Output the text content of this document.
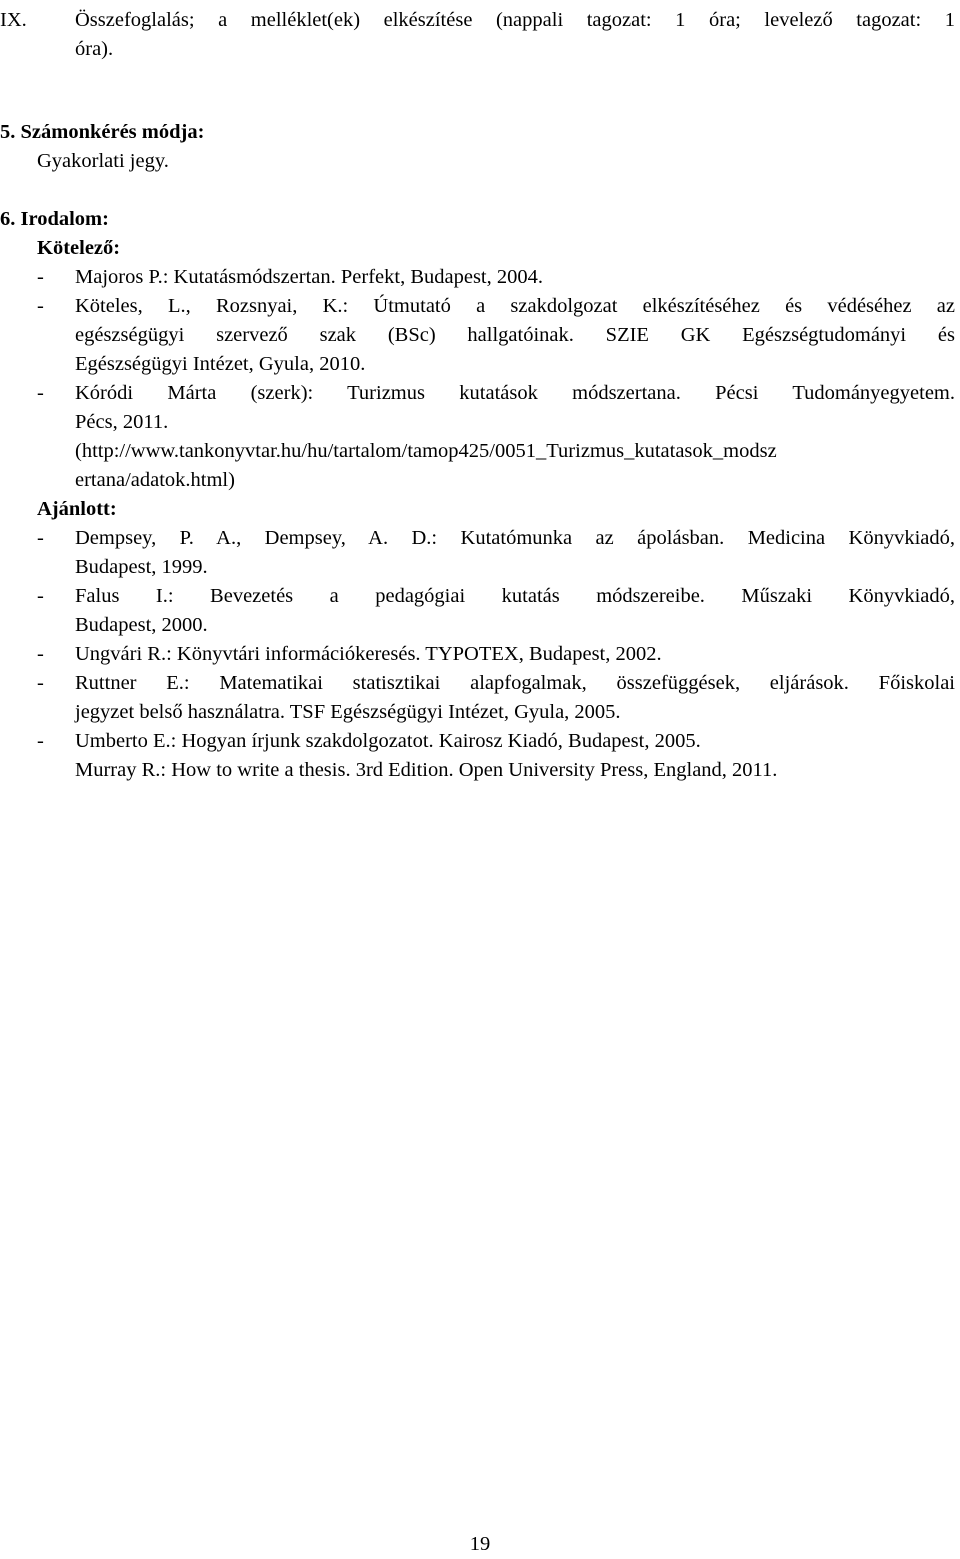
IX. Összefoglalás; a melléklet(ek) elkészítése (nappali tagozat: 1 óra; levelező tagozat: 1
óra).
5. Számonkérés módja:
Gyakorlati jegy.
6. Irodalom:
Kötelező:
- Majoros P.: Kutatásmódszertan. Perfekt, Budapest, 2004.
- Köteles, L., Rozsnyai, K.: Útmutató a szakdolgozat elkészítéséhez és védéséhez az
egészségügyi szervező szak (BSc) hallgatóinak. SZIE GK Egészségtudományi és
Egészségügyi Intézet, Gyula, 2010.
- Kóródi Márta (szerk): Turizmus kutatások módszertana. Pécsi Tudományegyetem.
Pécs, 2011.
(http://www.tankonyvtar.hu/hu/tartalom/tamop425/0051_Turizmus_kutatasok_modsz
ertana/adatok.html)
Ajánlott:
- Dempsey, P. A., Dempsey, A. D.: Kutatómunka az ápolásban. Medicina Könyvkiadó,
Budapest, 1999.
- Falus I.: Bevezetés a pedagógiai kutatás módszereibe. Műszaki Könyvkiadó,
Budapest, 2000.
- Ungvári R.: Könyvtári információkeresés. TYPOTEX, Budapest, 2002.
- Ruttner E.: Matematikai statisztikai alapfogalmak, összefüggések, eljárások. Főiskolai
jegyzet belső használatra. TSF Egészségügyi Intézet, Gyula, 2005.
- Umberto E.: Hogyan írjunk szakdolgozatot. Kairosz Kiadó, Budapest, 2005.
Murray R.: How to write a thesis. 3rd Edition. Open University Press, England, 2011.
19
